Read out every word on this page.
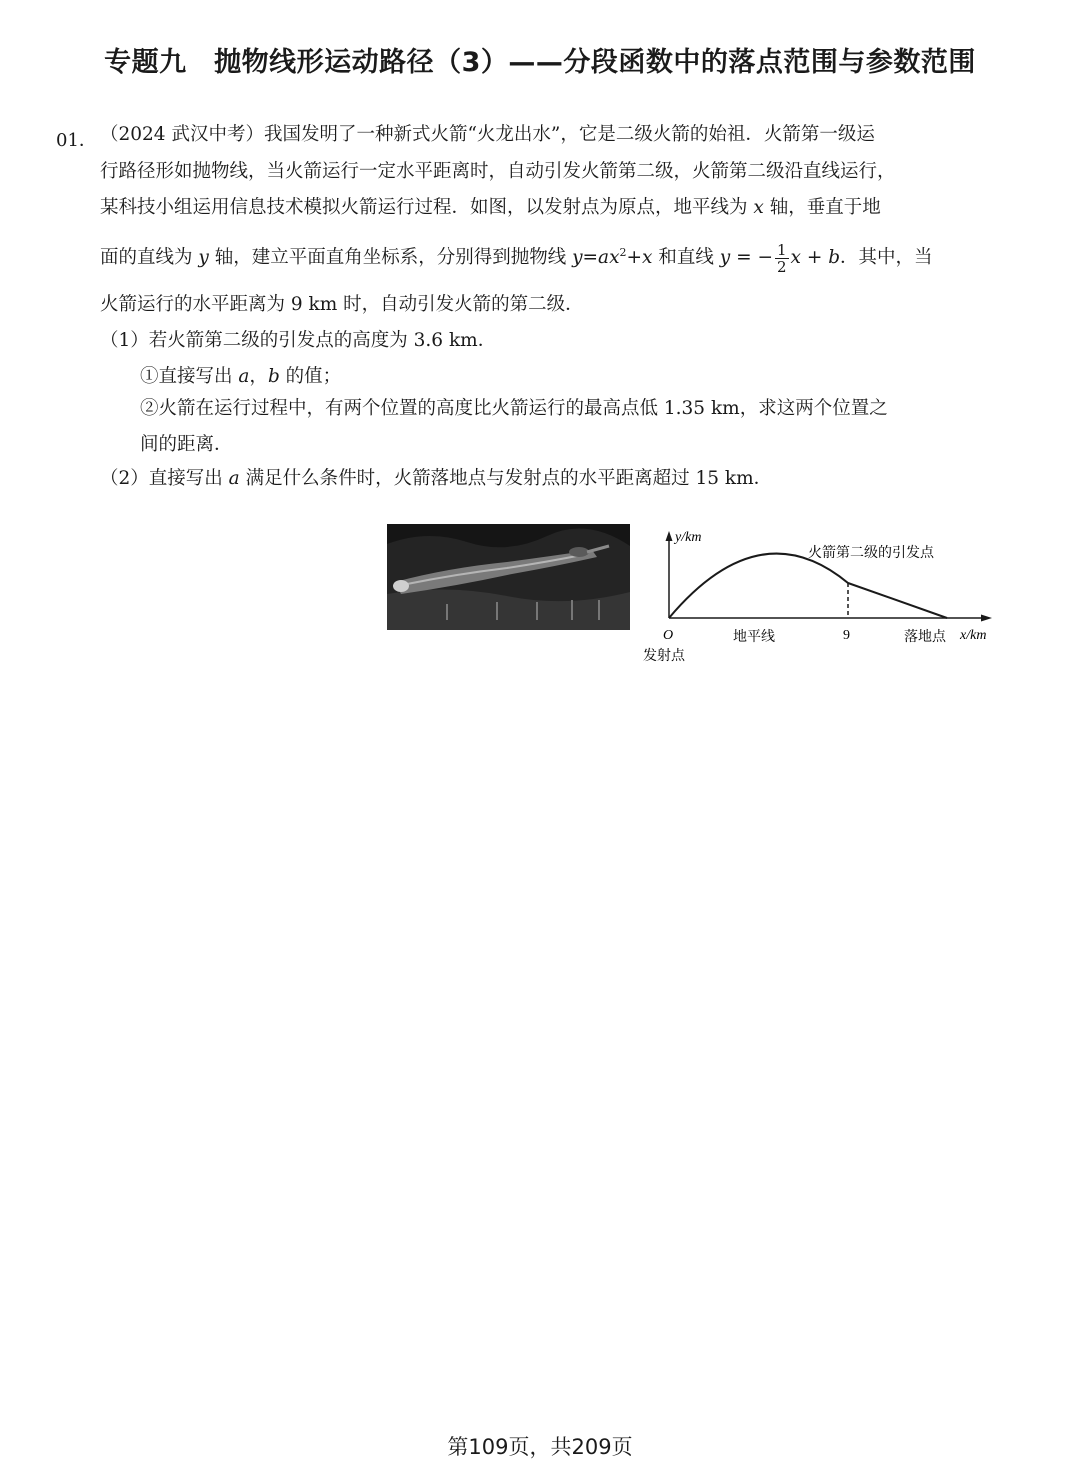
专题九　抛物线形运动路径（3）——分段函数中的落点范围与参数范围
01． （2024 武汉中考）我国发明了一种新式火箭“火龙出水”，它是二级火箭的始祖．火箭第一级运
行路径形如抛物线，当火箭运行一定水平距离时，自动引发火箭第二级，火箭第二级沿直线运行，
某科技小组运用信息技术模拟火箭运行过程．如图，以发射点为原点，地平线为 x 轴，垂直于地
面的直线为 y 轴，建立平面直角坐标系，分别得到抛物线 $y=ax^2+x$ 和直线 y = − $\frac{1}{2}$ x + b．其中，当
火箭运行的水平距离为 9 km 时，自动引发火箭的第二级．
（1）若火箭第二级的引发点的高度为 3.6 km．
①直接写出 a，b 的值；
②火箭在运行过程中，有两个位置的高度比火箭运行的最高点低 1.35 km，求这两个位置之
间的距离．
（2）直接写出 a 满足什么条件时，火箭落地点与发射点的水平距离超过 15 km．
y/km
火箭第二级的引发点
O
发射点
地平线	9	落地点 x/km
第109页，共209页
